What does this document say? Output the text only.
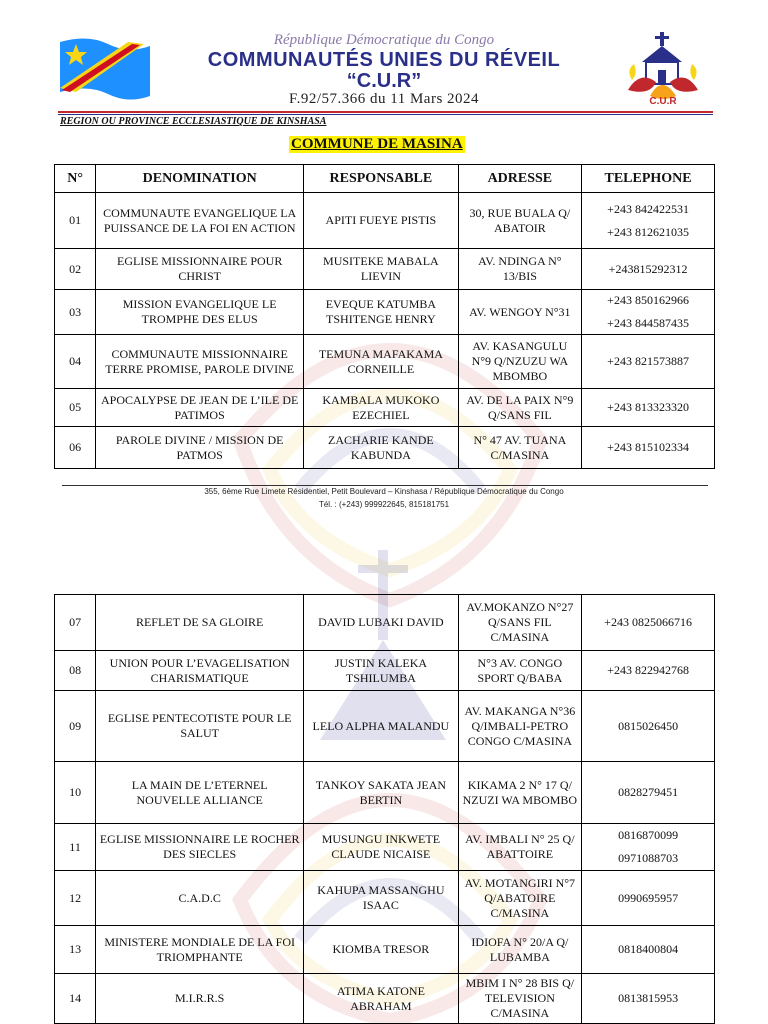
République Démocratique du Congo
COMMUNAUTÉS UNIES DU RÉVEIL
“C.U.R”
F.92/57.366 du 11 Mars 2024	C.U.R
REGION OU PROVINCE ECCLESIASTIQUE DE KINSHASA
COMMUNE DE MASINA
N°	DENOMINATION	RESPONSABLE	ADRESSE	TELEPHONE
01	COMMUNAUTE EVANGELIQUE LA PUISSANCE DE LA FOI EN ACTION	APITI FUEYE PISTIS	30, RUE BUALA Q/ ABATOIR	+243 842422531
+243 812621035

02	EGLISE MISSIONNAIRE POUR CHRIST	MUSITEKE MABALA LIEVIN	AV. NDINGA N° 13/BIS	+243815292312

03	MISSION EVANGELIQUE LE TROMPHE DES ELUS	EVEQUE KATUMBA TSHITENGE HENRY	AV. WENGOY N°31	+243 850162966
+243 844587435

04	COMMUNAUTE MISSIONNAIRE TERRE PROMISE, PAROLE DIVINE	TEMUNA MAFAKAMA CORNEILLE	AV. KASANGULU N°9 Q/NZUZU WA MBOMBO	+243 821573887

05	APOCALYPSE DE JEAN DE L’ILE DE PATIMOS	KAMBALA MUKOKO EZECHIEL	AV. DE LA PAIX N°9 Q/SANS FIL	+243 813323320

06	PAROLE DIVINE / MISSION DE PATMOS	ZACHARIE KANDE KABUNDA	N° 47 AV. TUANA C/MASINA	+243 815102334
355, 6ème Rue Limete Résidentiel, Petit Boulevard – Kinshasa / République Démocratique du Congo
Tél. : (+243) 999922645, 815181751
07	REFLET DE SA GLOIRE	DAVID LUBAKI DAVID	AV.MOKANZO N°27 Q/SANS FIL C/MASINA	+243 0825066716

08	UNION POUR L’EVAGELISATION CHARISMATIQUE	JUSTIN KALEKA TSHILUMBA	N°3 AV. CONGO SPORT Q/BABA	+243 822942768

09	EGLISE PENTECOTISTE POUR LE SALUT	LELO ALPHA MALANDU	AV. MAKANGA N°36 Q/IMBALI-PETRO CONGO C/MASINA	0815026450

10	LA MAIN DE L’ETERNEL NOUVELLE ALLIANCE	TANKOY SAKATA JEAN BERTIN	KIKAMA 2 N° 17 Q/ NZUZI WA MBOMBO	0828279451

11	EGLISE MISSIONNAIRE LE ROCHER DES SIECLES	MUSUNGU INKWETE CLAUDE NICAISE	AV. IMBALI N° 25 Q/ ABATTOIRE	0816870099
0971088703

12	C.A.D.C	KAHUPA MASSANGHU ISAAC	AV. MOTANGIRI N°7 Q/ABATOIRE C/MASINA	0990695957

13	MINISTERE MONDIALE DE LA FOI TRIOMPHANTE	KIOMBA TRESOR	IDIOFA N° 20/A Q/ LUBAMBA	0818400804

14	M.I.R.R.S	ATIMA KATONE ABRAHAM	MBIM I N° 28 BIS Q/ TELEVISION C/MASINA	0813815953
